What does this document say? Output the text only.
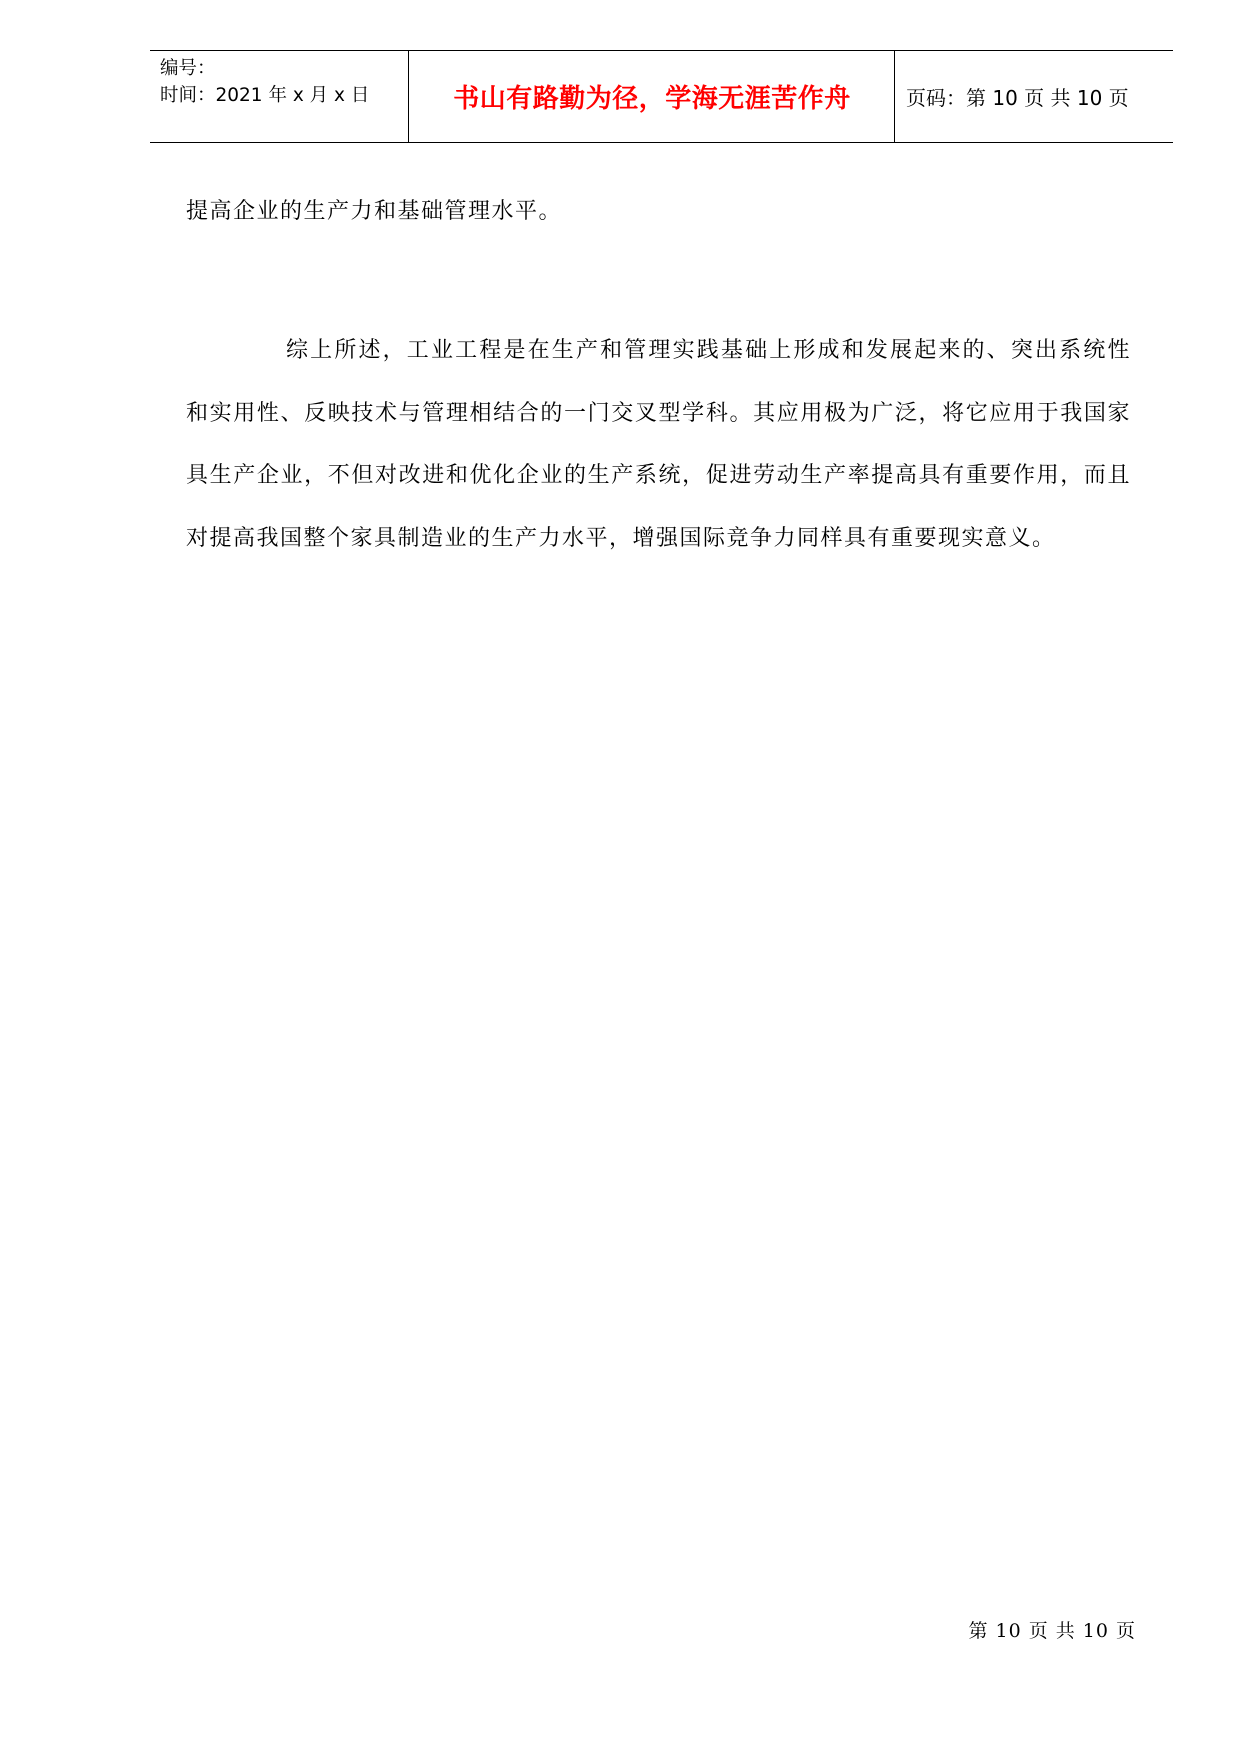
编号：
时间：2021 年 x 月 x 日	书山有路勤为径，学海无涯苦作舟	页码：第 10 页 共 10 页
提高企业的生产力和基础管理水平。
综上所述，工业工程是在生产和管理实践基础上形成和发展起来的、突出系统性和实用性、反映技术与管理相结合的一门交叉型学科。其应用极为广泛，将它应用于我国家具生产企业，不但对改进和优化企业的生产系统，促进劳动生产率提高具有重要作用，而且对提高我国整个家具制造业的生产力水平，增强国际竞争力同样具有重要现实意义。
第 10 页 共 10 页
